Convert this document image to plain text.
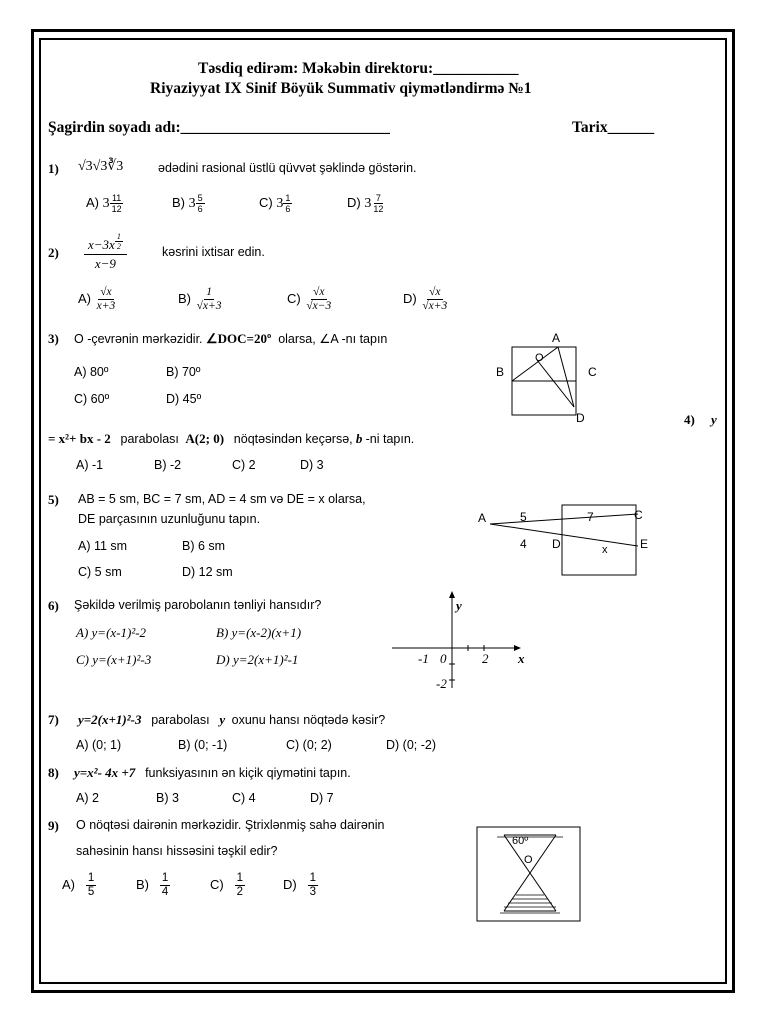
Təsdiq edirəm: Məkəbin direktoru:___________
Riyaziyyat IX Sinif Böyük Summativ qiymətləndirmə №1
Şagirdin soyadı adı:___________________________	Tarix______
1) √3√3∛3	ədədini rasional üstlü qüvvət şəklində göstərin.
A) $3 \frac{11}{12}$	B) $3 \frac{5}{6}$	C) $3 \frac{1}{6}$	D) $3 \frac{7}{12}$
$2) \frac{x-3x \frac{1}{2}}{x-9}$	kəsrini ixtisar edin.
$A) \frac{√x}{x+3}$	$B) \frac{1}{√x+3}$	$C) \frac{√x}{√x-3}$	$D) \frac{√x}{√x+3}$
3) O -çevrənin mərkəzidir. ∠DOC=20º olarsa, ∠A -nı tapın
A) 80º	B) 70º
C) 60º	D) 45º
A
B	C
D
O
4) y
= x²+ bx - 2 parabolası A(2; 0) nöqtəsindən keçərsə, b -ni tapın.
A) -1	B) -2	C) 2	D) 3
5) AB = 5 sm, BC = 7 sm, AD = 4 sm və DE = x olarsa,
DE parçasının uzunluğunu tapın.
A) 11 sm	B) 6 sm
C) 5 sm	D) 12 sm
A	5	7	C
4 D	x	E
6) Şəkildə verilmiş parobolanın tənliyi hansıdır?
A) y=(x-1)²-2	B) y=(x-2)(x+1)
C) y=(x+1)²-3	D) y=2(x+1)²-1
y
x
-1 0	2
-2
7) y=2(x+1)²-3 parabolası y oxunu hansı nöqtədə kəsir?
A) (0; 1)	B) (0; -1)	C) (0; 2)	D) (0; -2)
8) y=x²- 4x +7 funksiyasının ən kiçik qiymətini tapın.
A) 2	B) 3	C) 4	D) 7
9) O nöqtəsi dairənin mərkəzidir. Ştrixlənmiş sahə dairənin
sahəsinin hansı hissəsini təşkil edir?
$A) \frac{1}{5}$	$B) \frac{1}{4}$	$C) \frac{1}{2}$	$D) \frac{1}{3}$
60º
O
